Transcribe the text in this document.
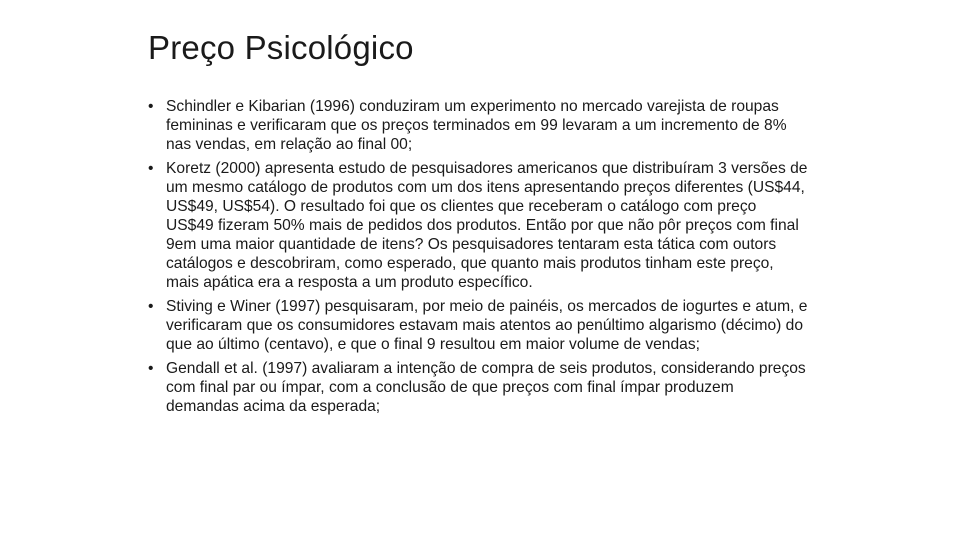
Preço Psicológico
• Schindler e Kibarian (1996) conduziram um experimento no mercado varejista de roupas femininas e verificaram que os preços terminados em 99 levaram a um incremento de 8% nas vendas, em relação ao final 00;
• Koretz (2000) apresenta estudo de pesquisadores americanos que distribuíram 3 versões de um mesmo catálogo de produtos com um dos itens apresentando preços diferentes (US$44, US$49, US$54). O resultado foi que os clientes que receberam o catálogo com preço US$49 fizeram 50% mais de pedidos dos produtos. Então por que não pôr preços com final 9em uma maior quantidade de itens? Os pesquisadores tentaram esta tática com outors catálogos e descobriram, como esperado, que quanto mais produtos tinham este preço, mais apática era a resposta a um produto específico.
• Stiving e Winer (1997) pesquisaram, por meio de painéis, os mercados de iogurtes e atum, e verificaram que os consumidores estavam mais atentos ao penúltimo algarismo (décimo) do que ao último (centavo), e que o final 9 resultou em maior volume de vendas;
• Gendall et al. (1997) avaliaram a intenção de compra de seis produtos, considerando preços com final par ou ímpar, com a conclusão de que preços com final ímpar produzem demandas acima da esperada;
